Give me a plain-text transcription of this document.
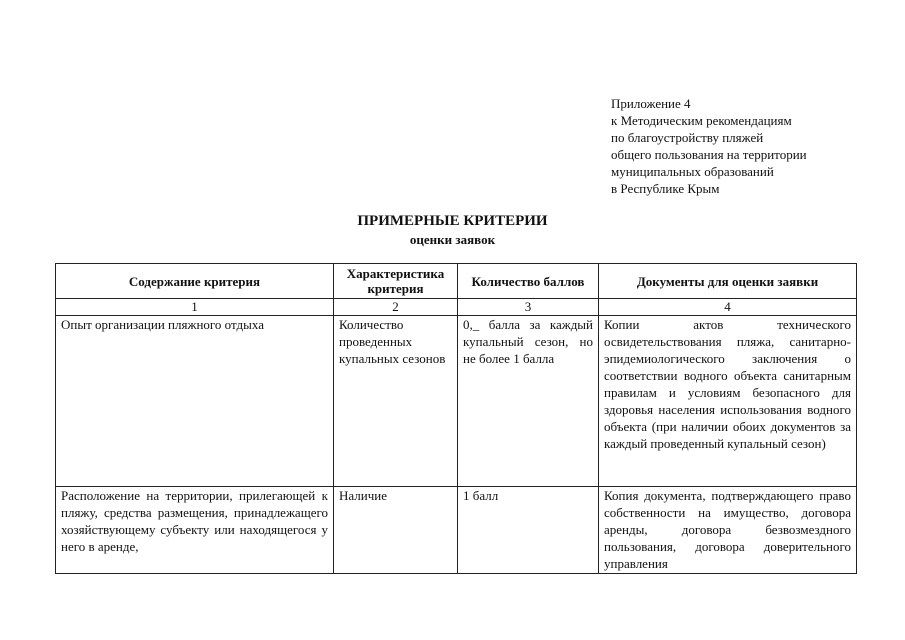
Приложение 4
к Методическим рекомендациям
по благоустройству пляжей
общего пользования на территории
муниципальных образований
в Республике Крым
ПРИМЕРНЫЕ КРИТЕРИИ
оценки заявок
Содержание критерия	Характеристика критерия	Количество баллов	Документы для оценки заявки
1	2	3	4
Опыт организации пляжного отдыха	Количество проведенных купальных сезонов	0,_ балла за каждый купальный сезон, но не более 1 балла	Копии актов технического освидетельствования пляжа, санитарно-эпидемиологического заключения о соответствии водного объекта санитарным правилам и условиям безопасного для здоровья населения использования водного объекта (при наличии обоих документов за каждый проведенный купальный сезон)
Расположение на территории, прилегающей к пляжу, средства размещения, принадлежащего хозяйствующему субъекту или находящегося у него в аренде,	Наличие	1 балл	Копия документа, подтверждающего право собственности на имущество, договора аренды, договора безвозмездного пользования, договора доверительного управления
